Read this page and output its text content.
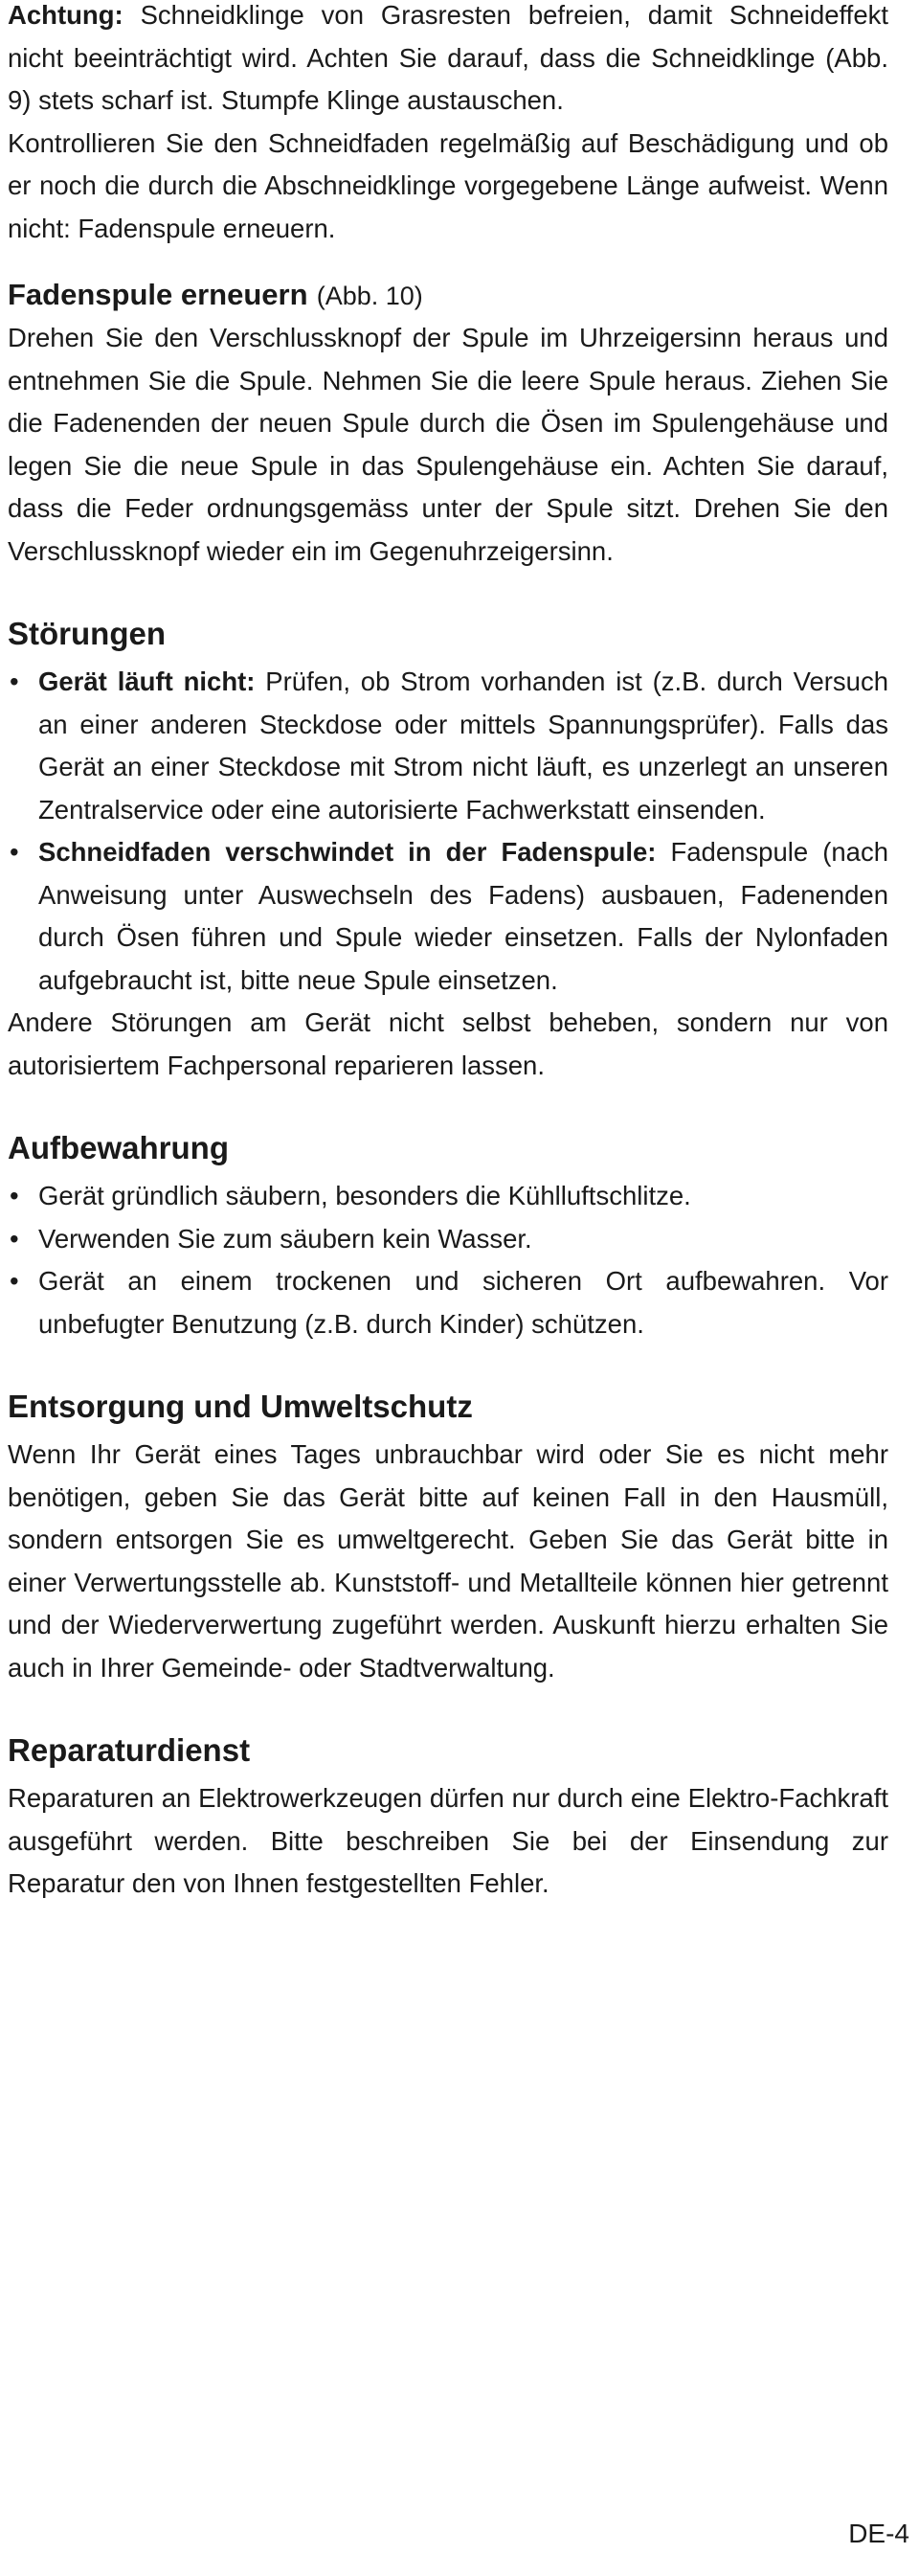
Achtung: Schneidklinge von Grasresten befreien, damit Schneideffekt nicht beeinträchtigt wird. Achten Sie darauf, dass die Schneidklinge (Abb. 9) stets scharf ist. Stumpfe Klinge austauschen.

Kontrollieren Sie den Schneidfaden regelmäßig auf Beschädigung und ob er noch die durch die Abschneidklinge vorgegebene Länge aufweist. Wenn nicht: Fadenspule erneuern.

Fadenspule erneuern (Abb. 10)

Drehen Sie den Verschlussknopf der Spule im Uhrzeigersinn heraus und entnehmen Sie die Spule. Nehmen Sie die leere Spule heraus. Ziehen Sie die Fadenenden der neuen Spule durch die Ösen im Spulengehäuse und legen Sie die neue Spule in das Spulengehäuse ein. Achten Sie darauf, dass die Feder ordnungsgemäss unter der Spule sitzt. Drehen Sie den Verschlussknopf wieder ein im Gegenuhrzeigersinn.

Störungen
• Gerät läuft nicht: Prüfen, ob Strom vorhanden ist (z.B. durch Versuch an einer anderen Steckdose oder mittels Spannungsprüfer). Falls das Gerät an einer Steckdose mit Strom nicht läuft, es unzerlegt an unseren Zentralservice oder eine autorisierte Fachwerkstatt einsenden.
• Schneidfaden verschwindet in der Fadenspule: Fadenspule (nach Anweisung unter Auswechseln des Fadens) ausbauen, Fadenenden durch Ösen führen und Spule wieder einsetzen. Falls der Nylonfaden aufgebraucht ist, bitte neue Spule einsetzen.

Andere Störungen am Gerät nicht selbst beheben, sondern nur von autorisiertem Fachpersonal reparieren lassen.

Aufbewahrung
• Gerät gründlich säubern, besonders die Kühlluftschlitze.
• Verwenden Sie zum säubern kein Wasser.
• Gerät an einem trockenen und sicheren Ort aufbewahren. Vor unbefugter Benutzung (z.B. durch Kinder) schützen.
Entsorgung und Umweltschutz

Wenn Ihr Gerät eines Tages unbrauchbar wird oder Sie es nicht mehr benötigen, geben Sie das Gerät bitte auf keinen Fall in den Hausmüll, sondern entsorgen Sie es umweltgerecht. Geben Sie das Gerät bitte in einer Verwertungsstelle ab. Kunststoff- und Metallteile können hier getrennt und der Wiederverwertung zugeführt werden. Auskunft hierzu erhalten Sie auch in Ihrer Gemeinde- oder Stadtverwaltung.

Reparaturdienst

Reparaturen an Elektrowerkzeugen dürfen nur durch eine Elektro-Fachkraft ausgeführt werden. Bitte beschreiben Sie bei der Einsendung zur Reparatur den von Ihnen festgestellten Fehler.

DE-4
